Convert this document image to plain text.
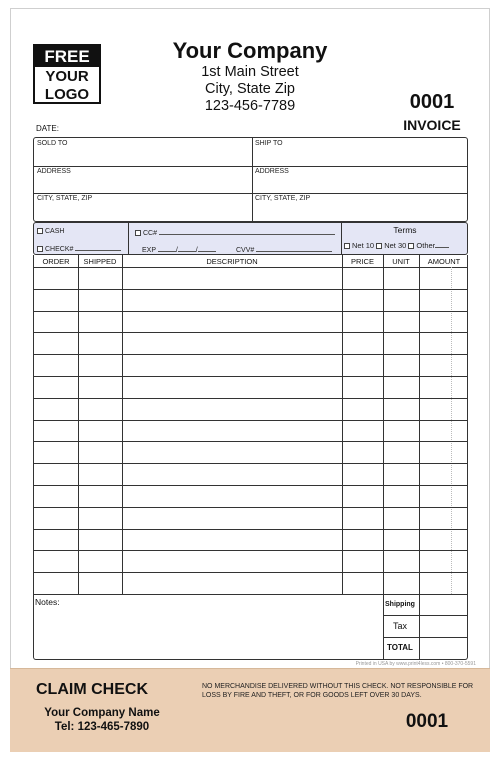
FREE
YOUR
LOGO
Your Company
1st Main Street
City, State Zip
123-456-7789	0001
INVOICE
DATE:
SOLD TO	SHIP TO
ADDRESS	ADDRESS
CITY, STATE, ZIP	CITY, STATE, ZIP
CASH
CHECK#
CC#
EXP	/	/	CVV#
Terms
Net 10 Net 30 Other
ORDER	SHIPPED	DESCRIPTION	PRICE	UNIT	AMOUNT
Notes:	Shipping
Tax
TOTAL
Printed in USA by www.print4less.com • 800-370-5591
CLAIM CHECK
Your Company Name
Tel: 123-465-7890
NO MERCHANDISE DELIVERED WITHOUT THIS CHECK. NOT RESPONSIBLE FOR LOSS BY FIRE AND THEFT, OR FOR GOODS LEFT OVER 30 DAYS.
0001
